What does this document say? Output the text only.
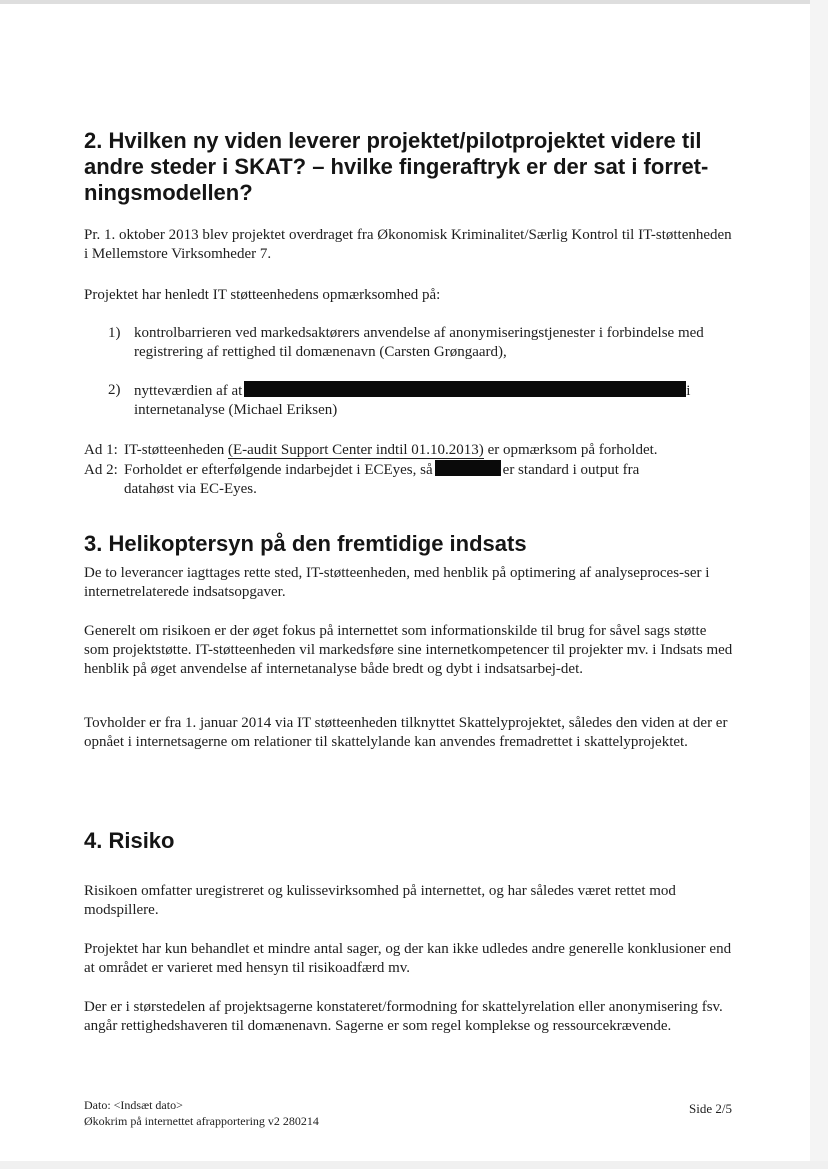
2. Hvilken ny viden leverer projektet/pilotprojektet videre til andre steder i SKAT? – hvilke fingeraftryk er der sat i forret-ningsmodellen?

Pr. 1. oktober 2013 blev projektet overdraget fra Økonomisk Kriminalitet/Særlig Kontrol til IT-støttenheden i Mellemstore Virksomheder 7.

Projektet har henledt IT støtteenhedens opmærksomhed på:

1) kontrolbarrieren ved markedsaktørers anvendelse af anonymiseringstjenester i forbindelse med registrering af rettighed til domænenavn (Carsten Grøngaard),
2) nytteværdien af at	i
internetanalyse (Michael Eriksen)
Ad 1: IT-støtteenheden (E-audit Support Center indtil 01.10.2013) er opmærksom på forholdet.
Ad 2: Forholdet er efterfølgende indarbejdet i ECEyes, så	er standard i output fra
datahøst via EC-Eyes.
3. Helikoptersyn på den fremtidige indsats

De to leverancer iagttages rette sted, IT-støtteenheden, med henblik på optimering af analyseproces-ser i internetrelaterede indsatsopgaver.

Generelt om risikoen er der øget fokus på internettet som informationskilde til brug for såvel sags støtte som projektstøtte. IT-støtteenheden vil markedsføre sine internetkompetencer til projekter mv. i Indsats med henblik på øget anvendelse af internetanalyse både bredt og dybt i indsatsarbej-det.

Tovholder er fra 1. januar 2014 via IT støtteenheden tilknyttet Skattelyprojektet, således den viden at der er opnået i internetsagerne om relationer til skattelylande kan anvendes fremadrettet i skattelyprojektet.

4. Risiko

Risikoen omfatter uregistreret og kulissevirksomhed på internettet, og har således været rettet mod modspillere.

Projektet har kun behandlet et mindre antal sager, og der kan ikke udledes andre generelle konklusioner end at området er varieret med hensyn til risikoadfærd mv.

Der er i størstedelen af projektsagerne konstateret/formodning for skattelyrelation eller anonymisering fsv. angår rettighedshaveren til domænenavn. Sagerne er som regel komplekse og ressourcekrævende.

Dato: <Indsæt dato>
Økokrim på internettet afrapportering v2 280214
Side 2/5
